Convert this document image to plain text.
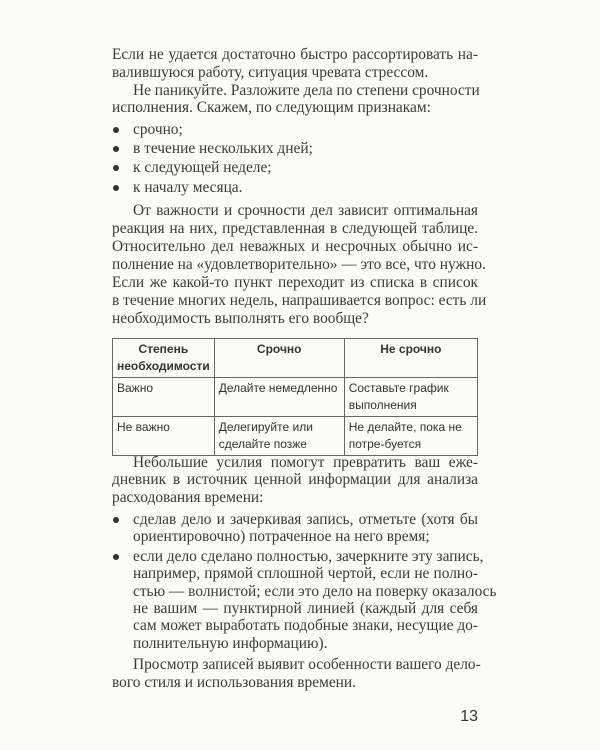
Если не удается достаточно быстро рассортировать на-
валившуюся работу, ситуация чревата стрессом.
Не паникуйте. Разложите дела по степени срочности
исполнения. Скажем, по следующим признакам:
срочно;
в течение нескольких дней;
к следующей неделе;
к началу месяца.
От важности и срочности дел зависит оптимальная
реакция на них, представленная в следующей таблице.
Относительно дел неважных и несрочных обычно ис-
полнение на «удовлетворительно» — это все, что нужно.
Если же какой-то пункт переходит из списка в список
в течение многих недель, напрашивается вопрос: есть ли
необходимость выполнять его вообще?
Небольшие усилия помогут превратить ваш еже-
дневник в источник ценной информации для анализа
расходования времени:
сделав дело и зачеркивая запись, отметьте (хотя бы
ориентировочно) потраченное на него время;
если дело сделано полностью, зачеркните эту запись,
например, прямой сплошной чертой, если не полно-
стью — волнистой; если это дело на поверку оказалось
не вашим — пунктирной линией (каждый для себя
сам может выработать подобные знаки, несущие до-
полнительную информацию).
Просмотр записей выявит особенности вашего дело-
вого стиля и использования времени.
Степень необходимости	Срочно	Не срочно
Важно	Делайте немедленно	Составьте график выполнения
Не важно	Делегируйте или сделайте позже	Не делайте, пока не потре-буется
13
